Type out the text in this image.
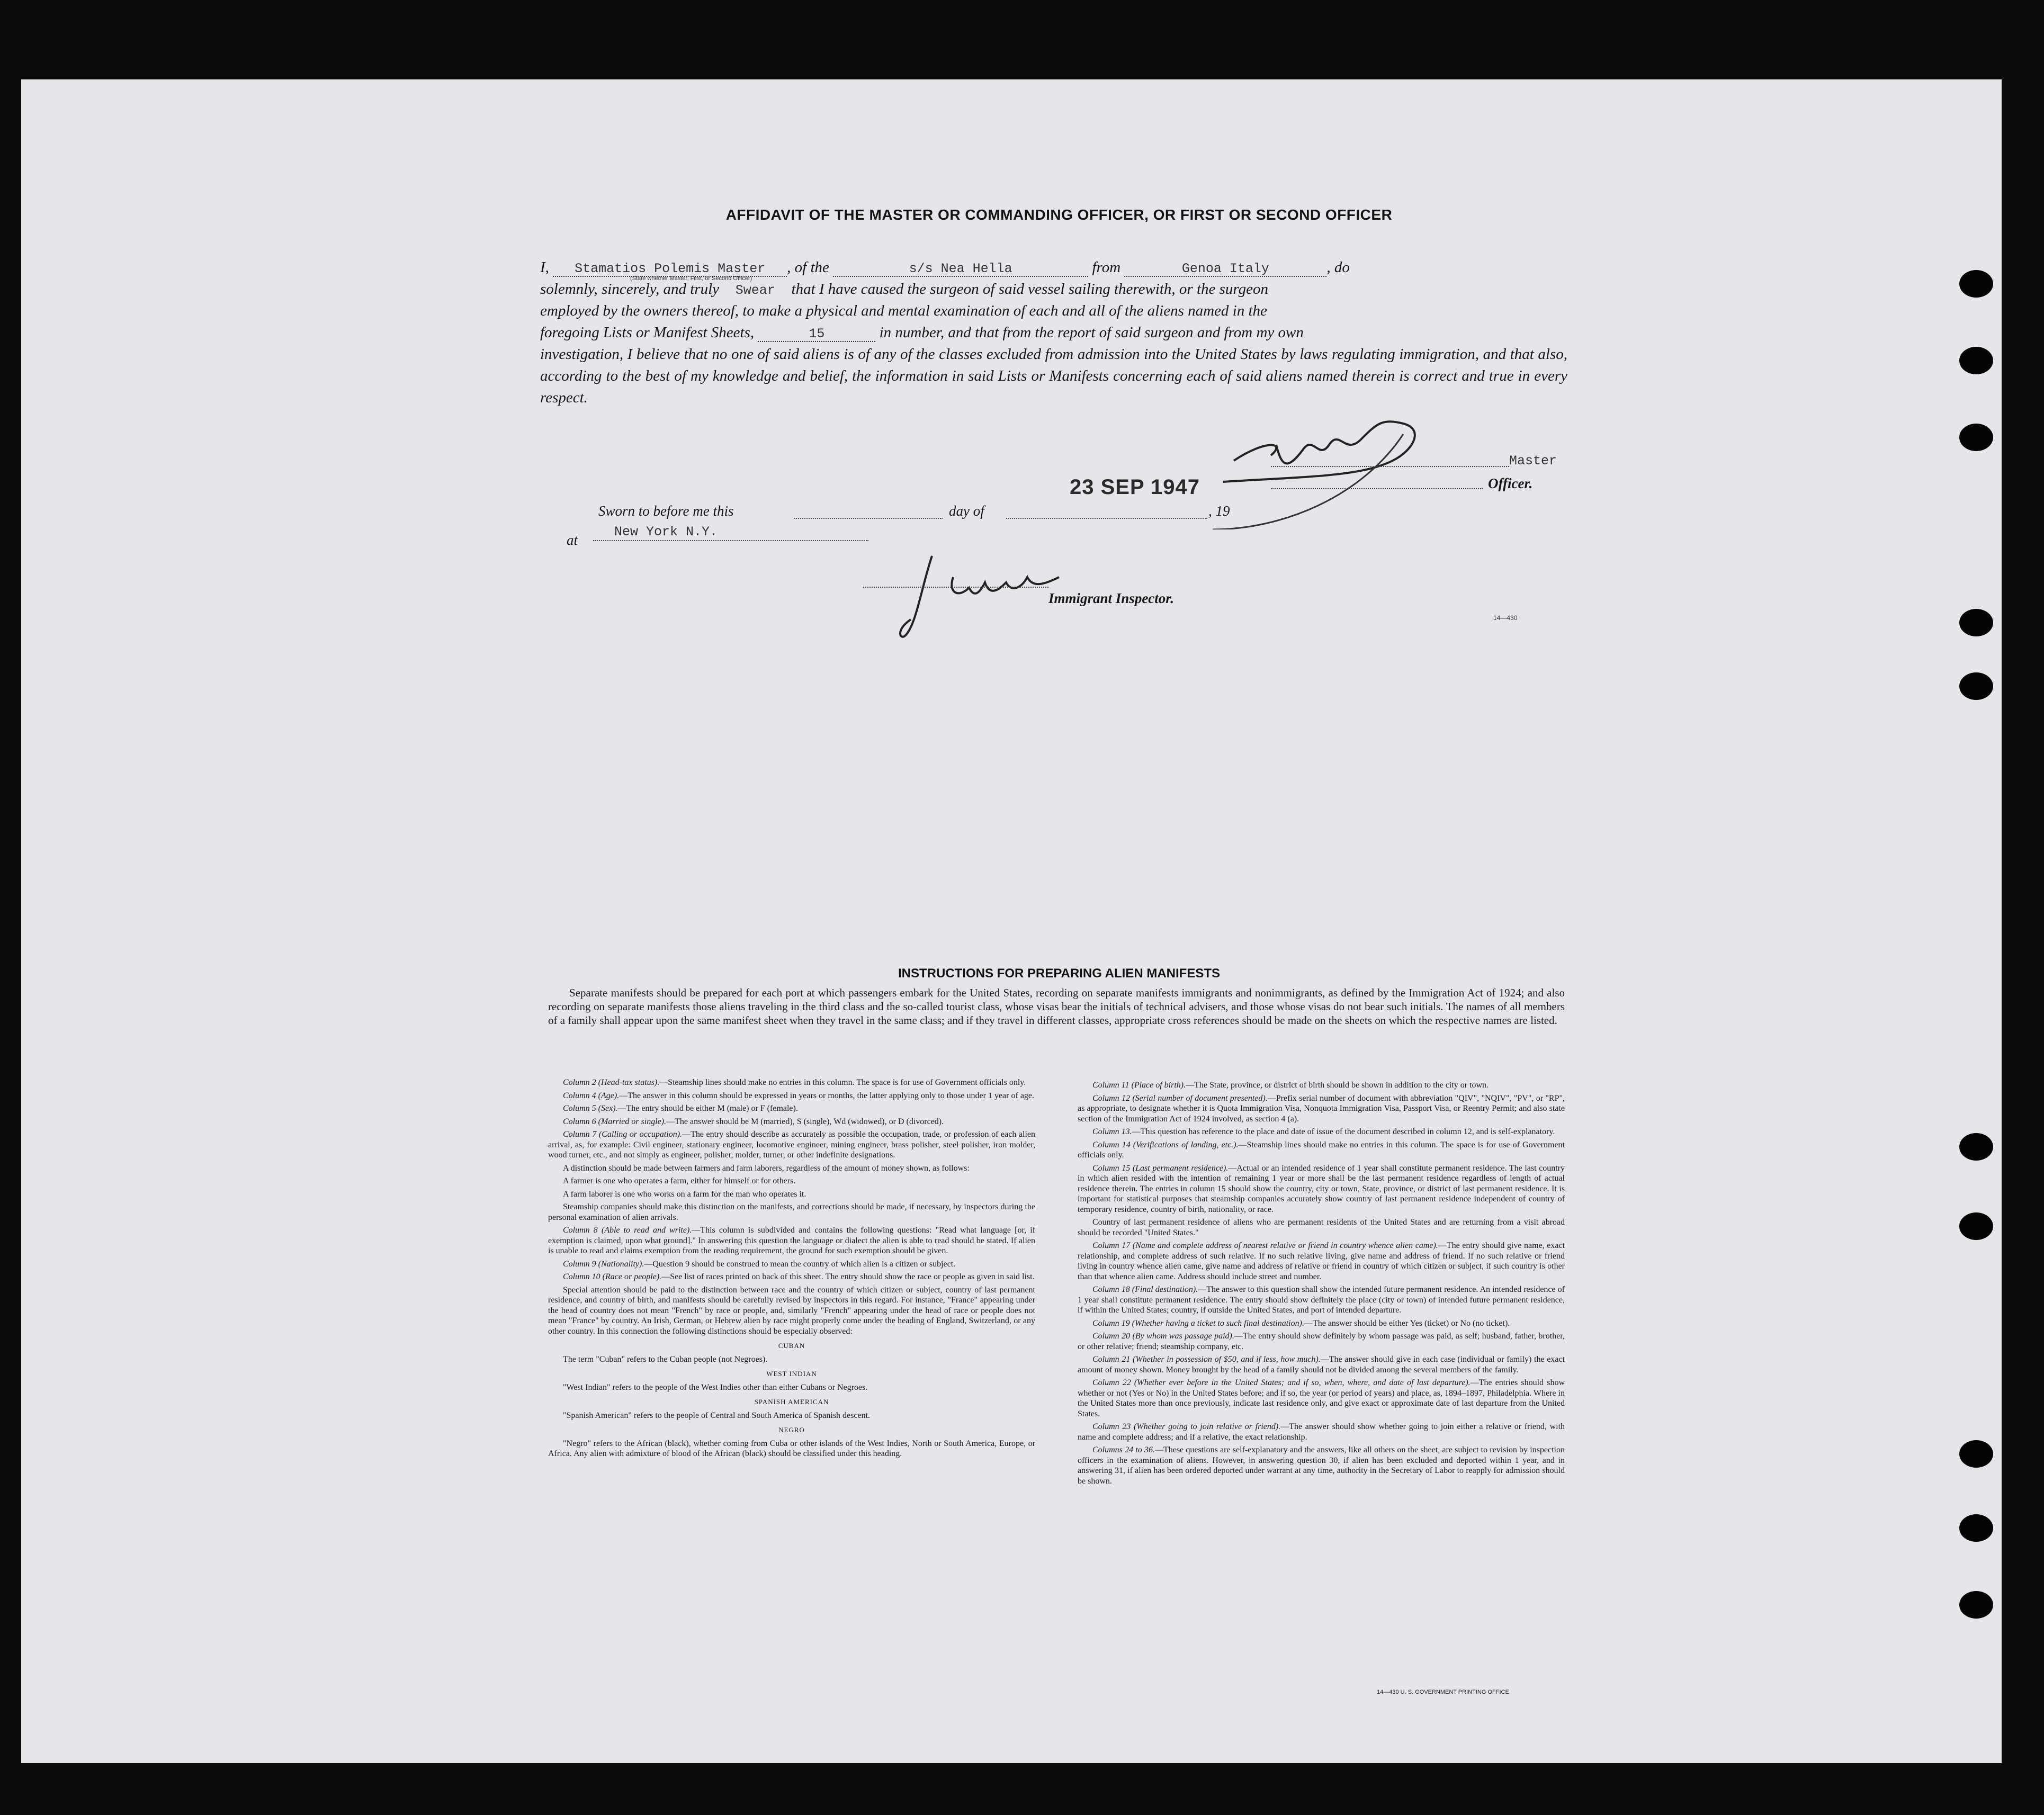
AFFIDAVIT OF THE MASTER OR COMMANDING OFFICER, OR FIRST OR SECOND OFFICER

I, Stamatios Polemis Master , of the	s/s Nea Hella	from	Genoa Italy	, do

solemnly, sincerely, and truly Swear that I have caused the surgeon of said vessel sailing therewith, or the surgeon

employed by the owners thereof, to make a physical and mental examination of each and all of the aliens named in the

foregoing Lists or Manifest Sheets,	15	in number, and that from the report of said surgeon and from my own

investigation, I believe that no one of said aliens is of any of the classes excluded from admission into the United States by laws regulating immigration, and that also, according to the best of my knowledge and belief, the information in said Lists or Manifests concerning each of said aliens named therein is correct and true in every respect.

(State whether Master, First, or Second Officer)
Master
Officer.
Sworn to before me this	day of
23 SEP 1947
, 19
at
New York N.Y.
Immigrant Inspector.
14—430
INSTRUCTIONS FOR PREPARING ALIEN MANIFESTS
Separate manifests should be prepared for each port at which passengers embark for the United States, recording on separate manifests immigrants and nonimmigrants, as defined by the Immigration Act of 1924; and also recording on separate manifests those aliens traveling in the third class and the so-called tourist class, whose visas bear the initials of technical advisers, and those whose visas do not bear such initials. The names of all members of a family shall appear upon the same manifest sheet when they travel in the same class; and if they travel in different classes, appropriate cross references should be made on the sheets on which the respective names are listed.

Column 2 (Head-tax status).—Steamship lines should make no entries in this column. The space is for use of Government officials only.

Column 4 (Age).—The answer in this column should be expressed in years or months, the latter applying only to those under 1 year of age.

Column 5 (Sex).—The entry should be either M (male) or F (female).

Column 6 (Married or single).—The answer should be M (married), S (single), Wd (widowed), or D (divorced).

Column 7 (Calling or occupation).—The entry should describe as accurately as possible the occupation, trade, or profession of each alien arrival, as, for example: Civil engineer, stationary engineer, locomotive engineer, mining engineer, brass polisher, steel polisher, iron molder, wood turner, etc., and not simply as engineer, polisher, molder, turner, or other indefinite designations.

A distinction should be made between farmers and farm laborers, regardless of the amount of money shown, as follows:

A farmer is one who operates a farm, either for himself or for others.

A farm laborer is one who works on a farm for the man who operates it.

Steamship companies should make this distinction on the manifests, and corrections should be made, if necessary, by inspectors during the personal examination of alien arrivals.

Column 8 (Able to read and write).—This column is subdivided and contains the following questions: "Read what language [or, if exemption is claimed, upon what ground]." In answering this question the language or dialect the alien is able to read should be stated. If alien is unable to read and claims exemption from the reading requirement, the ground for such exemption should be given.

Column 9 (Nationality).—Question 9 should be construed to mean the country of which alien is a citizen or subject.

Column 10 (Race or people).—See list of races printed on back of this sheet. The entry should show the race or people as given in said list.

Special attention should be paid to the distinction between race and the country of which citizen or subject, country of last permanent residence, and country of birth, and manifests should be carefully revised by inspectors in this regard. For instance, "France" appearing under the head of country does not mean "French" by race or people, and, similarly "French" appearing under the head of race or people does not mean "France" by country. An Irish, German, or Hebrew alien by race might properly come under the heading of England, Switzerland, or any other country. In this connection the following distinctions should be especially observed:

CUBAN

The term "Cuban" refers to the Cuban people (not Negroes).

WEST INDIAN

"West Indian" refers to the people of the West Indies other than either Cubans or Negroes.

SPANISH AMERICAN

"Spanish American" refers to the people of Central and South America of Spanish descent.

NEGRO

"Negro" refers to the African (black), whether coming from Cuba or other islands of the West Indies, North or South America, Europe, or Africa. Any alien with admixture of blood of the African (black) should be classified under this heading.

Column 11 (Place of birth).—The State, province, or district of birth should be shown in addition to the city or town.

Column 12 (Serial number of document presented).—Prefix serial number of document with abbreviation "QIV", "NQIV", "PV", or "RP", as appropriate, to designate whether it is Quota Immigration Visa, Nonquota Immigration Visa, Passport Visa, or Reentry Permit; and also state section of the Immigration Act of 1924 involved, as section 4 (a).

Column 13.—This question has reference to the place and date of issue of the document described in column 12, and is self-explanatory.

Column 14 (Verifications of landing, etc.).—Steamship lines should make no entries in this column. The space is for use of Government officials only.

Column 15 (Last permanent residence).—Actual or an intended residence of 1 year shall constitute permanent residence. The last country in which alien resided with the intention of remaining 1 year or more shall be the last permanent residence regardless of length of actual residence therein. The entries in column 15 should show the country, city or town, State, province, or district of last permanent residence. It is important for statistical purposes that steamship companies accurately show country of last permanent residence independent of country of temporary residence, country of birth, nationality, or race.

Country of last permanent residence of aliens who are permanent residents of the United States and are returning from a visit abroad should be recorded "United States."

Column 17 (Name and complete address of nearest relative or friend in country whence alien came).—The entry should give name, exact relationship, and complete address of such relative. If no such relative living, give name and address of friend. If no such relative or friend living in country whence alien came, give name and address of relative or friend in country of which citizen or subject, if such country is other than that whence alien came. Address should include street and number.

Column 18 (Final destination).—The answer to this question shall show the intended future permanent residence. An intended residence of 1 year shall constitute permanent residence. The entry should show definitely the place (city or town) of intended future permanent residence, if within the United States; country, if outside the United States, and port of intended departure.

Column 19 (Whether having a ticket to such final destination).—The answer should be either Yes (ticket) or No (no ticket).

Column 20 (By whom was passage paid).—The entry should show definitely by whom passage was paid, as self; husband, father, brother, or other relative; friend; steamship company, etc.

Column 21 (Whether in possession of $50, and if less, how much).—The answer should give in each case (individual or family) the exact amount of money shown. Money brought by the head of a family should not be divided among the several members of the family.

Column 22 (Whether ever before in the United States; and if so, when, where, and date of last departure).—The entries should show whether or not (Yes or No) in the United States before; and if so, the year (or period of years) and place, as, 1894–1897, Philadelphia. Where in the United States more than once previously, indicate last residence only, and give exact or approximate date of last departure from the United States.

Column 23 (Whether going to join relative or friend).—The answer should show whether going to join either a relative or friend, with name and complete address; and if a relative, the exact relationship.

Columns 24 to 36.—These questions are self-explanatory and the answers, like all others on the sheet, are subject to revision by inspection officers in the examination of aliens. However, in answering question 30, if alien has been excluded and deported within 1 year, and in answering 31, if alien has been ordered deported under warrant at any time, authority in the Secretary of Labor to reapply for admission should be shown.

14—430 U. S. GOVERNMENT PRINTING OFFICE
